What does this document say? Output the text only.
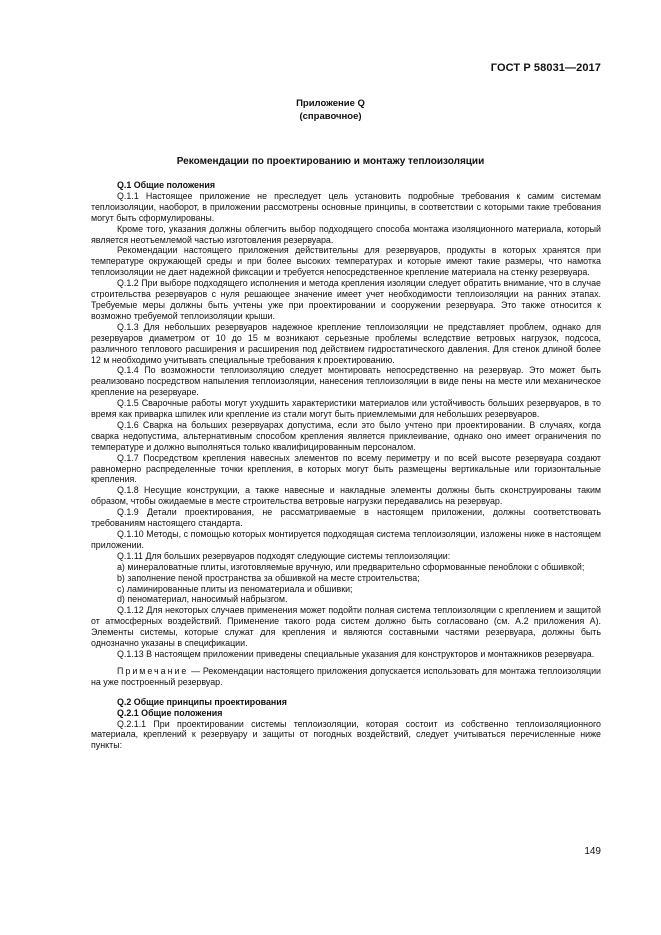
ГОСТ Р 58031—2017
Приложение Q
(справочное)
Рекомендации по проектированию и монтажу теплоизоляции

Q.1 Общие положения

Q.1.1 Настоящее приложение не преследует цель установить подробные требования к самим системам теплоизоляции, наоборот, в приложении рассмотрены основные принципы, в соответствии с которыми такие требования могут быть сформулированы.

Кроме того, указания должны облегчить выбор подходящего способа монтажа изоляционного материала, который является неотъемлемой частью изготовления резервуара.

Рекомендации настоящего приложения действительны для резервуаров, продукты в которых хранятся при температуре окружающей среды и при более высоких температурах и которые имеют такие размеры, что намотка теплоизоляции не дает надежной фиксации и требуется непосредственное крепление материала на стенку резервуара.

Q.1.2 При выборе подходящего исполнения и метода крепления изоляции следует обратить внимание, что в случае строительства резервуаров с нуля решающее значение имеет учет необходимости теплоизоляции на ранних этапах. Требуемые меры должны быть учтены уже при проектировании и сооружении резервуара. Это также относится к возможно требуемой теплоизоляции крыши.

Q.1.3 Для небольших резервуаров надежное крепление теплоизоляции не представляет проблем, однако для резервуаров диаметром от 10 до 15 м возникают серьезные проблемы вследствие ветровых нагрузок, подсоса, различного теплового расширения и расширения под действием гидростатического давления. Для стенок длиной более 12 м необходимо учитывать специальные требования к проектированию.

Q.1.4 По возможности теплоизоляцию следует монтировать непосредственно на резервуар. Это может быть реализовано посредством напыления теплоизоляции, нанесения теплоизоляции в виде пены на месте или механическое крепление на резервуаре.

Q.1.5 Сварочные работы могут ухудшить характеристики материалов или устойчивость больших резервуаров, в то время как приварка шпилек или крепление из стали могут быть приемлемыми для небольших резервуаров.

Q.1.6 Сварка на больших резервуарах допустима, если это было учтено при проектировании. В случаях, когда сварка недопустима, альтернативным способом крепления является приклеивание, однако оно имеет ограничения по температуре и должно выполняться только квалифицированным персоналом.

Q.1.7 Посредством крепления навесных элементов по всему периметру и по всей высоте резервуара создают равномерно распределенные точки крепления, в которых могут быть размещены вертикальные или горизонтальные крепления.

Q.1.8 Несущие конструкции, а также навесные и накладные элементы должны быть сконструированы таким образом, чтобы ожидаемые в месте строительства ветровые нагрузки передавались на резервуар.

Q.1.9 Детали проектирования, не рассматриваемые в настоящем приложении, должны соответствовать требованиям настоящего стандарта.

Q.1.10 Методы, с помощью которых монтируется подходящая система теплоизоляции, изложены ниже в настоящем приложении.

Q.1.11 Для больших резервуаров подходят следующие системы теплоизоляции:

а) минераловатные плиты, изготовляемые вручную, или предварительно сформованные пеноблоки с обшивкой;

b) заполнение пеной пространства за обшивкой на месте строительства;

c) ламинированные плиты из пеноматериала и обшивки;

d) пеноматериал, наносимый набрызгом.

Q.1.12 Для некоторых случаев применения может подойти полная система теплоизоляции с креплением и защитой от атмосферных воздействий. Применение такого рода систем должно быть согласовано (см. А.2 приложения А). Элементы системы, которые служат для крепления и являются составными частями резервуара, должны быть однозначно указаны в спецификации.

Q.1.13 В настоящем приложении приведены специальные указания для конструкторов и монтажников резервуара.

Примечание — Рекомендации настоящего приложения допускается использовать для монтажа теплоизоляции на уже построенный резервуар.

Q.2 Общие принципы проектирования

Q.2.1 Общие положения

Q.2.1.1 При проектировании системы теплоизоляции, которая состоит из собственно теплоизоляционного материала, креплений к резервуару и защиты от погодных воздействий, следует учитываться перечисленные ниже пункты:

149
